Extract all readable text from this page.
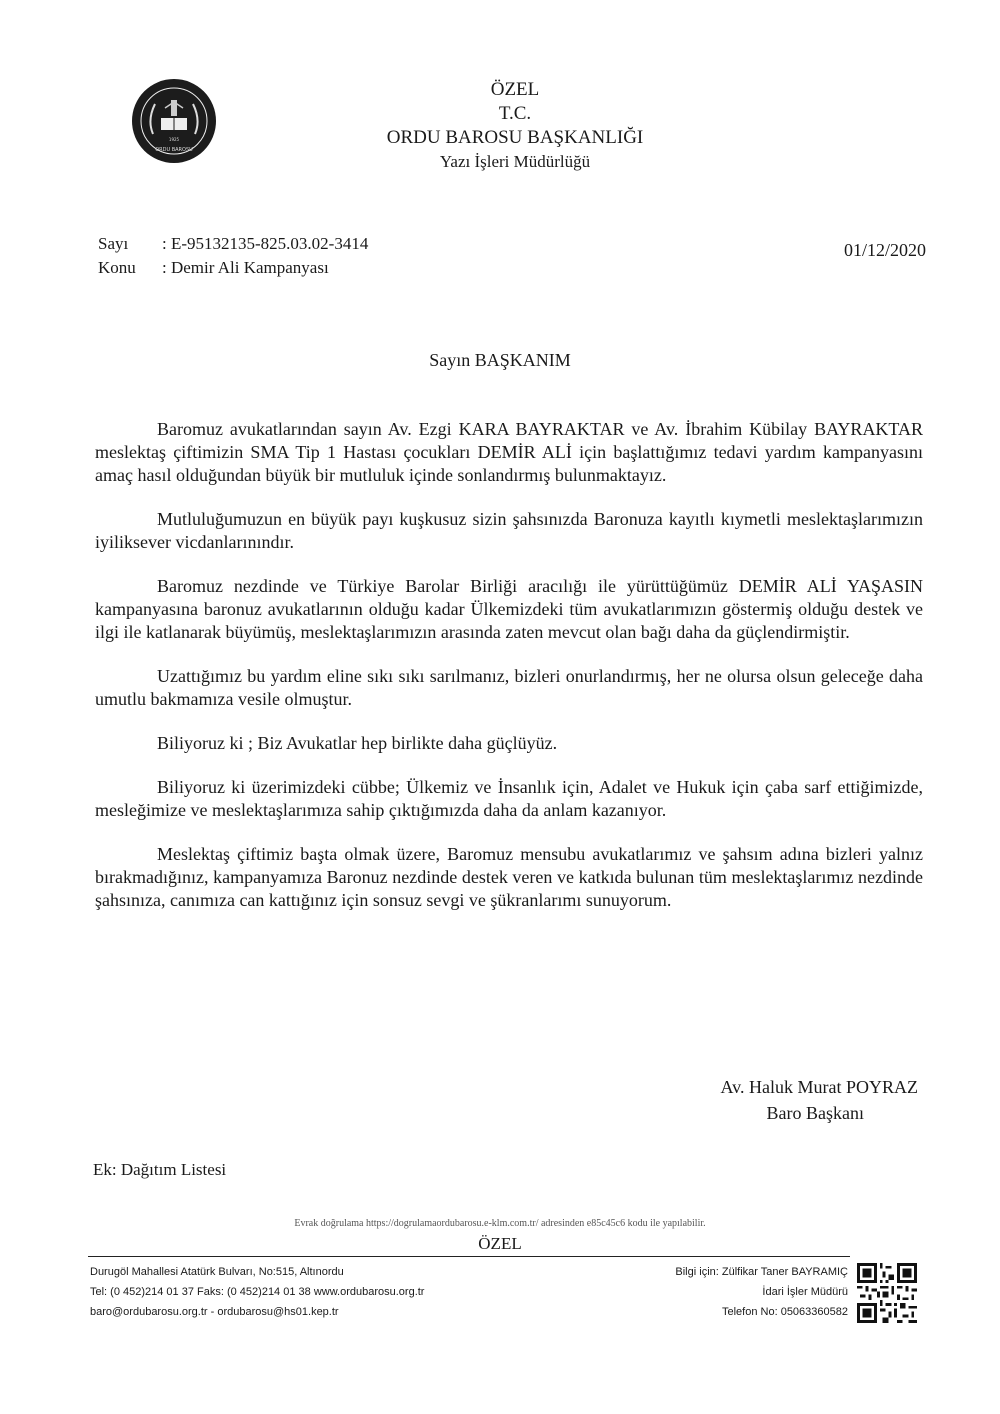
1925
ORDU BAROSU
ÖZEL
T.C.
ORDU BAROSU BAŞKANLIĞI
Yazı İşleri Müdürlüğü
Sayı	: E-95132135-825.03.02-3414
Konu	: Demir Ali Kampanyası
01/12/2020
Sayın BAŞKANIM

Baromuz avukatlarından sayın Av. Ezgi KARA BAYRAKTAR ve Av. İbrahim Kübilay BAYRAKTAR meslektaş çiftimizin SMA Tip 1 Hastası çocukları DEMİR ALİ için başlattığımız tedavi yardım kampanyasını amaç hasıl olduğundan büyük bir mutluluk içinde sonlandırmış bulunmaktayız.

Mutluluğumuzun en büyük payı kuşkusuz sizin şahsınızda Baronuza kayıtlı kıymetli meslektaşlarımızın iyiliksever vicdanlarınındır.

Baromuz nezdinde ve Türkiye Barolar Birliği aracılığı ile yürüttüğümüz DEMİR ALİ YAŞASIN kampanyasına baronuz avukatlarının olduğu kadar Ülkemizdeki tüm avukatlarımızın göstermiş olduğu destek ve ilgi ile katlanarak büyümüş, meslektaşlarımızın arasında zaten mevcut olan bağı daha da güçlendirmiştir.

Uzattığımız bu yardım eline sıkı sıkı sarılmanız, bizleri onurlandırmış, her ne olursa olsun geleceğe daha umutlu bakmamıza vesile olmuştur.

Biliyoruz ki ; Biz Avukatlar hep birlikte daha güçlüyüz.

Biliyoruz ki üzerimizdeki cübbe; Ülkemiz ve İnsanlık için, Adalet ve Hukuk için çaba sarf ettiğimizde, mesleğimize ve meslektaşlarımıza sahip çıktığımızda daha da anlam kazanıyor.

Meslektaş çiftimiz başta olmak üzere, Baromuz mensubu avukatlarımız ve şahsım adına bizleri yalnız bırakmadığınız, kampanyamıza Baronuz nezdinde destek veren ve katkıda bulunan tüm meslektaşlarımız nezdinde şahsınıza, canımıza can kattığınız için sonsuz sevgi ve şükranlarımı sunuyorum.

Av. Haluk Murat POYRAZ
Baro Başkanı
Ek: Dağıtım Listesi
Evrak doğrulama https://dogrulamaordubarosu.e-klm.com.tr/ adresinden e85c45c6 kodu ile yapılabilir.
ÖZEL
Durugöl Mahallesi Atatürk Bulvarı, No:515, Altınordu
Tel: (0 452)214 01 37 Faks: (0 452)214 01 38 www.ordubarosu.org.tr
baro@ordubarosu.org.tr - ordubarosu@hs01.kep.tr
Bilgi için: Zülfikar Taner BAYRAMIÇ
İdari İşler Müdürü
Telefon No: 05063360582
